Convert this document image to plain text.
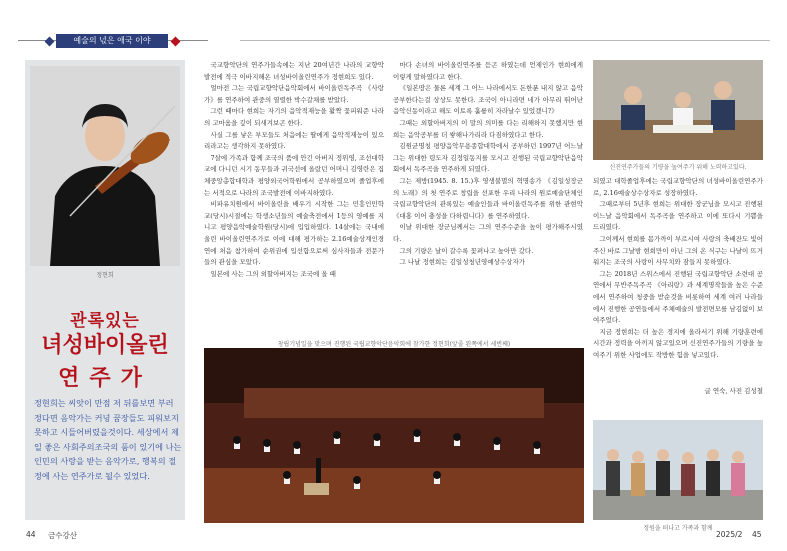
예술의 넋은 애국 이야
정현희
관록있는
녀성바이올린
연주가
정현희는 씨앗이 만점 저 뒤를보면 부러 정다면 음악가는 커녕 꿈장들도 피워보지 못하고 시들어버렸을것이다. 세상에서 제일 좋은 사회주의조국의 품이 있기에 나는 인민의 사랑을 받는 음악가로, 행복의 절정에 사는 연주가로 될수 있었다.

국교향악단의 연주가들속에는 지난 20여년간 나라의 교향악발전에 적극 이바지해온 녀성바이올린연주가 정현희도 있다.

얼마전 그는 국립교향악단음악회에서 바이올린독주곡 《사랑가》를 연주하여 관중의 열렬한 박수갈채를 받았다.

그런 때마다 현희는 자기의 음악적재능을 활짝 꽃피워준 나라의 고마움을 깊이 되새겨보곤 한다.

사실 그를 낳은 부모들도 처음에는 딸에게 음악적재능이 있으리라고는 생각하지 못하였다.

7살에 가족과 함께 조국의 품에 안긴 아버지 정위영, 조선대학교에 다니던 시기 동무들과 귀국선에 올랐던 어머니 김영란은 집체중앙총합대학과 평양외국어학원에서 공부하였으며 졸업후에는 서적으로 나라의 조국발전에 이바지하였다.

비파유치원에서 바이올린을 배우기 시작한 그는 민흥인민학교(당시)시절에는 학생소년들의 예술축전에서 1등의 영예를 지니고 평양음악예술학원(당시)에 입입하였다. 14살에는 국내에 울린 바이올린연주가로 이에 대해 평가하는 2.16예술상계인경연에 처음 참가하여 순위권에 입선함으로써 심사자들과 전문가들의 관심을 모았다.

일본에 사는 그의 외할아버지는 조국에 올 때

마다 손녀의 바이올린연주를 듣곤 하였는데 언제인가 현희에게 이렇게 말하였다고 한다.

《일본땅은 물론 세계 그 어느 나라에서도 돈한푼 내지 않고 음악공부한다는걸 상상도 못한다. 조국이 아니라면 네가 아무리 뛰어난 음악신동이라고 해도 이토록 훌륭히 자라날수 있었겠니?》

그때는 외할아버지의 이 말의 의미를 다는 리해하지 못했지만 현희는 음악공부를 더 쌓해나가리라 다짐하였다고 한다.

김원균명칭 평양음악무용종합대학에서 공부하던 1997년 어느날 그는 위대한 령도자 김정일동지를 모시고 진행된 국립교향악단음악회에서 독주곡을 연주하게 되였다.

그는 제방(1945. 8. 15.)후 영생불멸의 혁명송가 《김일성장군의 노래》의 첫 연주로 창립을 선포한 우리 나라의 원로예술단체인 국립교향악단의 관록있는 예술인들과 바이올린독주를 위한 관현악 《대홍 이어 충성을 다하렵니다》를 연주하였다.

이날 위대한 장군님께서는 그의 연주수준을 높이 평가해주시였다.

그의 기량은 날이 갈수록 꽃펴나고 높아만 갔다.

그 나날 정현희는 김일성청년영예상수상자가

창립기념일을 맞으며 진행된 국립교향악단음악회에 참가한 정현희(앞줄 왼쪽에서 세번째)
신진연주가들의 기량을 높여주기 위해 노력하고있다.

되였고 대학졸업후에는 국립교향악단의 녀성바이올린연주가로, 2.16예술상수상자로 성장하였다.

그때로부터 5년후 현희는 위대한 장군님을 모시고 진행된 이느날 음악회에서 독주곡을 연주하고 이에 또다시 기쁨을 드리였다.

그이께서 현희를 몸가까이 부르시여 사랑의 축배잔도 빛어주신 바로 그날밤 현희만이 아닌 그의 온 식구는 나날이 뜨거워지는 조국의 사랑이 사무치와 잠들지 못하였다.

그는 2018년 스위스에서 진행된 국립교향악단 소련대 공연에서 무반주독주곡 《아리랑》과 세계명작들을 높은 수준에서 연주하여 청중을 받순것을 비롯하여 세계 여러 나라들에서 진행한 공연들에서 주체예술의 발전면모를 남김없이 보여주었다.

지금 정현희는 더 높은 경지에 올라서기 위해 기량훈련에 시간과 정력을 아끼지 않고있으며 신진연주가들의 기량을 높여주기 위한 사업에도 작방한 힘을 넣고있다.

글 연숙, 사진 김성철
정원을 떠나고 가족과 함께
44 금수강산	2025/2 45
